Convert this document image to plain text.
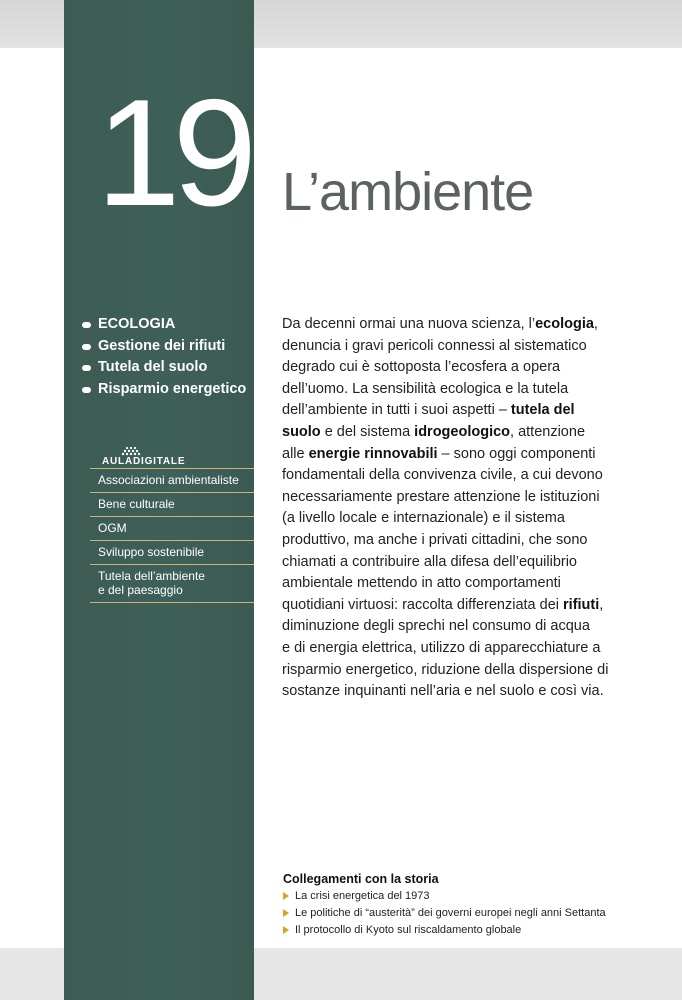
19 L’ambiente
ECOLOGIA
Gestione dei rifiuti
Tutela del suolo
Risparmio energetico
AULADIGITALE
Associazioni ambientaliste
Bene culturale
OGM
Sviluppo sostenibile
Tutela dell’ambiente
e del paesaggio
Da decenni ormai una nuova scienza, l’ecologia,
denuncia i gravi pericoli connessi al sistematico
degrado cui è sottoposta l’ecosfera a opera
dell’uomo. La sensibilità ecologica e la tutela
dell’ambiente in tutti i suoi aspetti – tutela del
suolo e del sistema idrogeologico, attenzione
alle energie rinnovabili – sono oggi componenti
fondamentali della convivenza civile, a cui devono
necessariamente prestare attenzione le istituzioni
(a livello locale e internazionale) e il sistema
produttivo, ma anche i privati cittadini, che sono
chiamati a contribuire alla difesa dell’equilibrio
ambientale mettendo in atto comportamenti
quotidiani virtuosi: raccolta differenziata dei rifiuti,
diminuzione degli sprechi nel consumo di acqua
e di energia elettrica, utilizzo di apparecchiature a
risparmio energetico, riduzione della dispersione di
sostanze inquinanti nell’aria e nel suolo e così via.
Collegamenti con la storia
La crisi energetica del 1973
Le politiche di “austerità” dei governi europei negli anni Settanta
Il protocollo di Kyoto sul riscaldamento globale
